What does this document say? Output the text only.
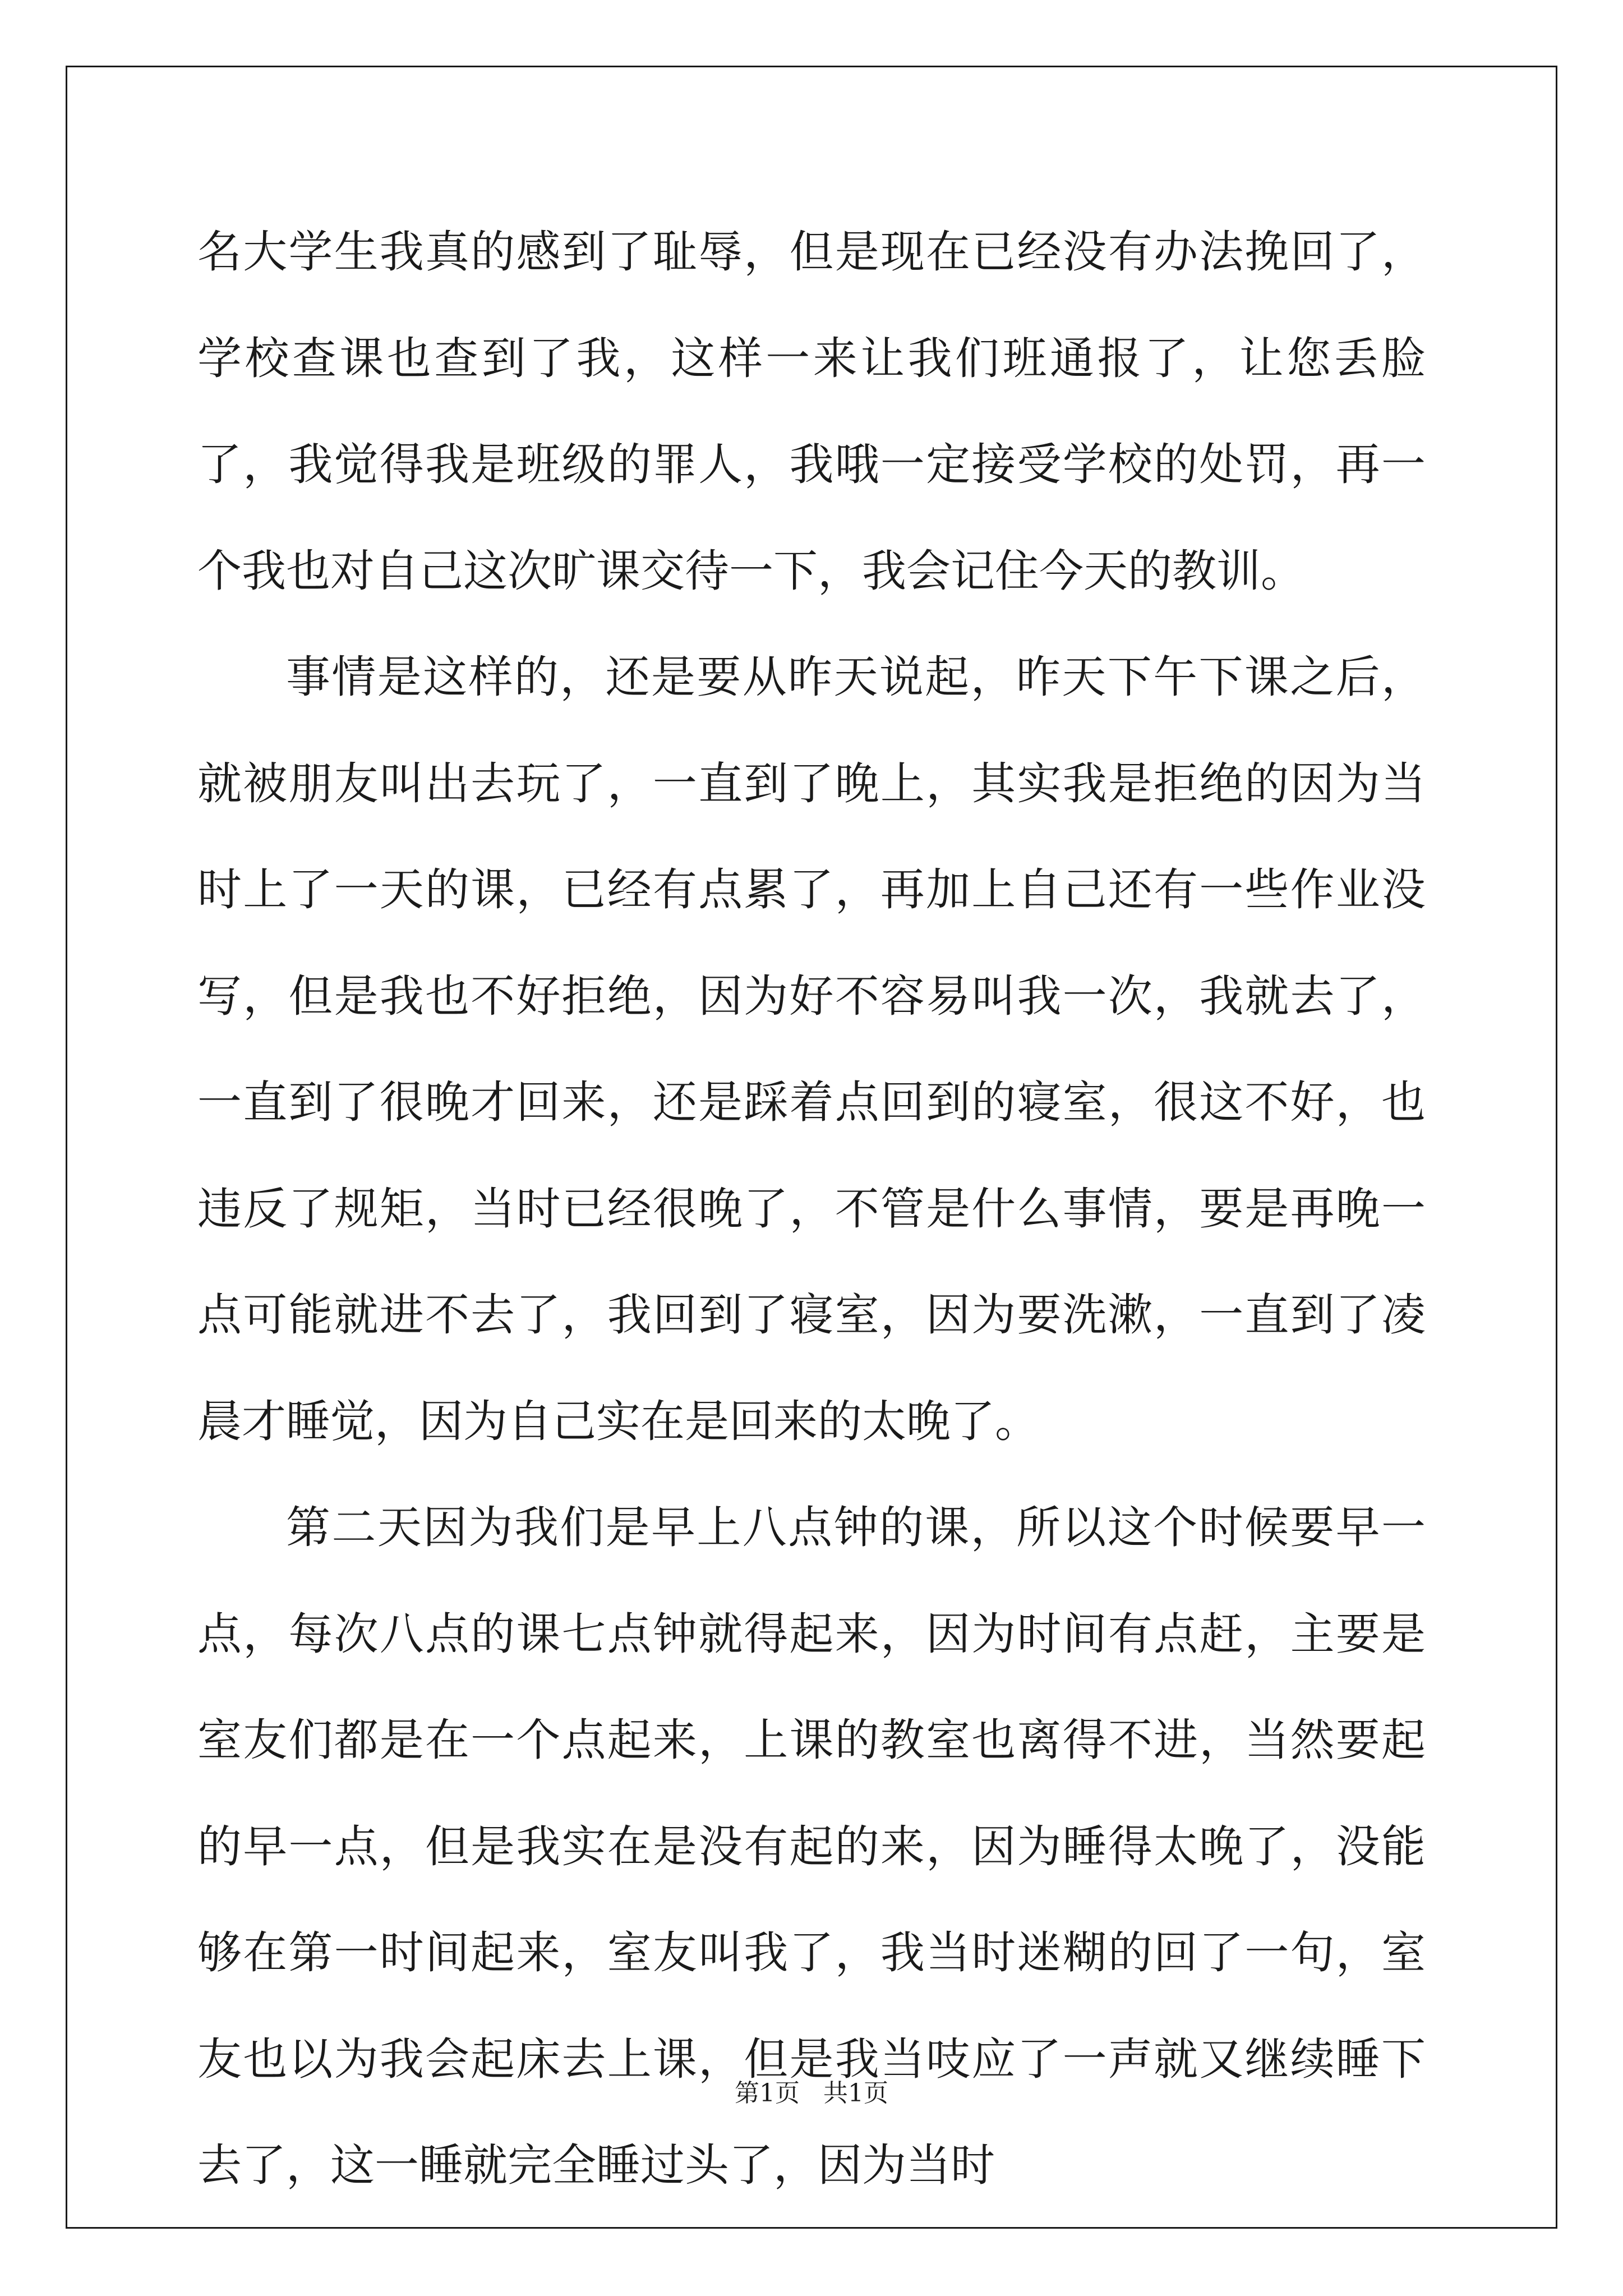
名大学生我真的感到了耻辱，但是现在已经没有办法挽回了，学校查课也查到了我，这样一来让我们班通报了，让您丢脸了，我觉得我是班级的罪人，我哦一定接受学校的处罚，再一个我也对自己这次旷课交待一下，我会记住今天的教训。

事情是这样的，还是要从昨天说起，昨天下午下课之后，就被朋友叫出去玩了，一直到了晚上，其实我是拒绝的因为当时上了一天的课，已经有点累了，再加上自己还有一些作业没写，但是我也不好拒绝，因为好不容易叫我一次，我就去了，一直到了很晚才回来，还是踩着点回到的寝室，很这不好，也违反了规矩，当时已经很晚了，不管是什么事情，要是再晚一点可能就进不去了，我回到了寝室，因为要洗漱，一直到了凌晨才睡觉，因为自己实在是回来的太晚了。

第二天因为我们是早上八点钟的课，所以这个时候要早一点，每次八点的课七点钟就得起来，因为时间有点赶，主要是室友们都是在一个点起来，上课的教室也离得不进，当然要起的早一点，但是我实在是没有起的来，因为睡得太晚了，没能够在第一时间起来，室友叫我了，我当时迷糊的回了一句，室友也以为我会起床去上课，但是我当吱应了一声就又继续睡下去了，这一睡就完全睡过头了，因为当时

第1页   共1页
